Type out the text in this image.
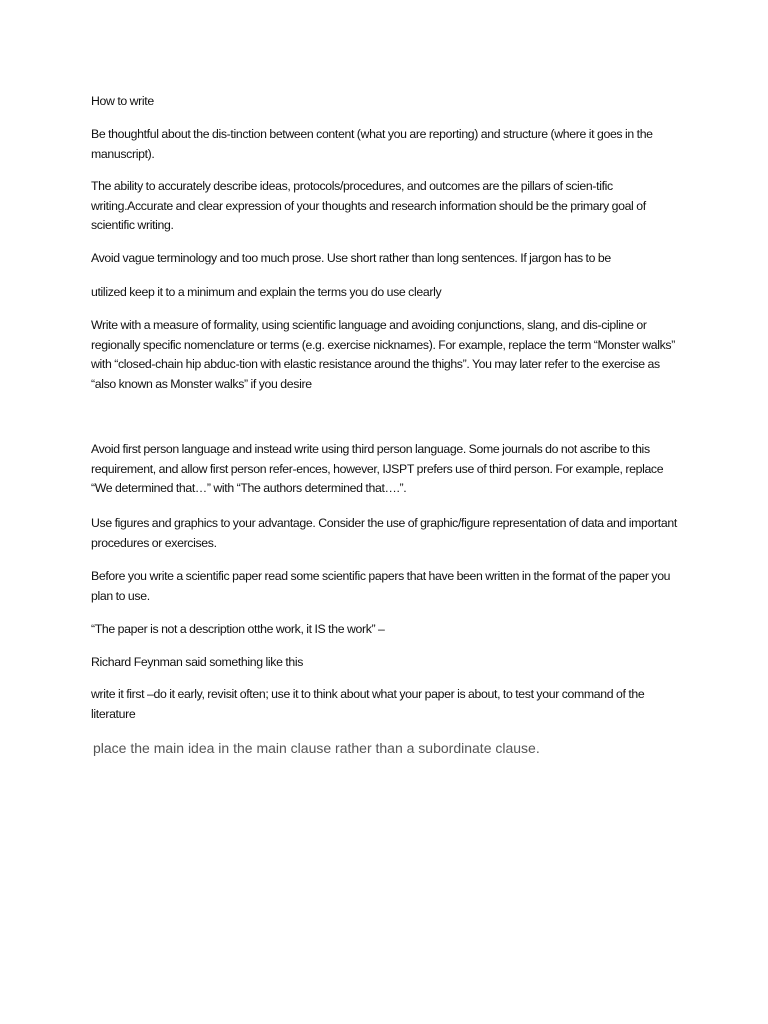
How to write

Be thoughtful about the dis-tinction between content (what you are reporting) and structure (where it goes in the manuscript).

The ability to accurately describe ideas, protocols/procedures, and outcomes are the pillars of scien-tific writing.Accurate and clear expression of your thoughts and research information should be the primary goal of scientific writing.

Avoid vague terminology and too much prose. Use short rather than long sentences. If jargon has to be

utilized keep it to a minimum and explain the terms you do use clearly

Write with a measure of formality, using scientific language and avoiding conjunctions, slang, and dis-cipline or regionally specific nomenclature or terms (e.g. exercise nicknames). For example, replace the term “Monster walks” with “closed-chain hip abduc-tion with elastic resistance around the thighs”. You may later refer to the exercise as “also known as Monster walks” if you desire

Avoid first person language and instead write using third person language. Some journals do not ascribe to this requirement, and allow first person refer-ences, however, IJSPT prefers use of third person. For example, replace “We determined that…” with “The authors determined that….”.

Use figures and graphics to your advantage. Consider the use of graphic/figure representation of data and important procedures or exercises.

Before you write a scientific paper read some scientific papers that have been written in the format of the paper you plan to use.

“The paper is not a description otthe work, it IS the work” –

Richard Feynman said something like this

write it first –do it early, revisit often; use it to think about what your paper is about, to test your command of the literature

place the main idea in the main clause rather than a subordinate clause.
